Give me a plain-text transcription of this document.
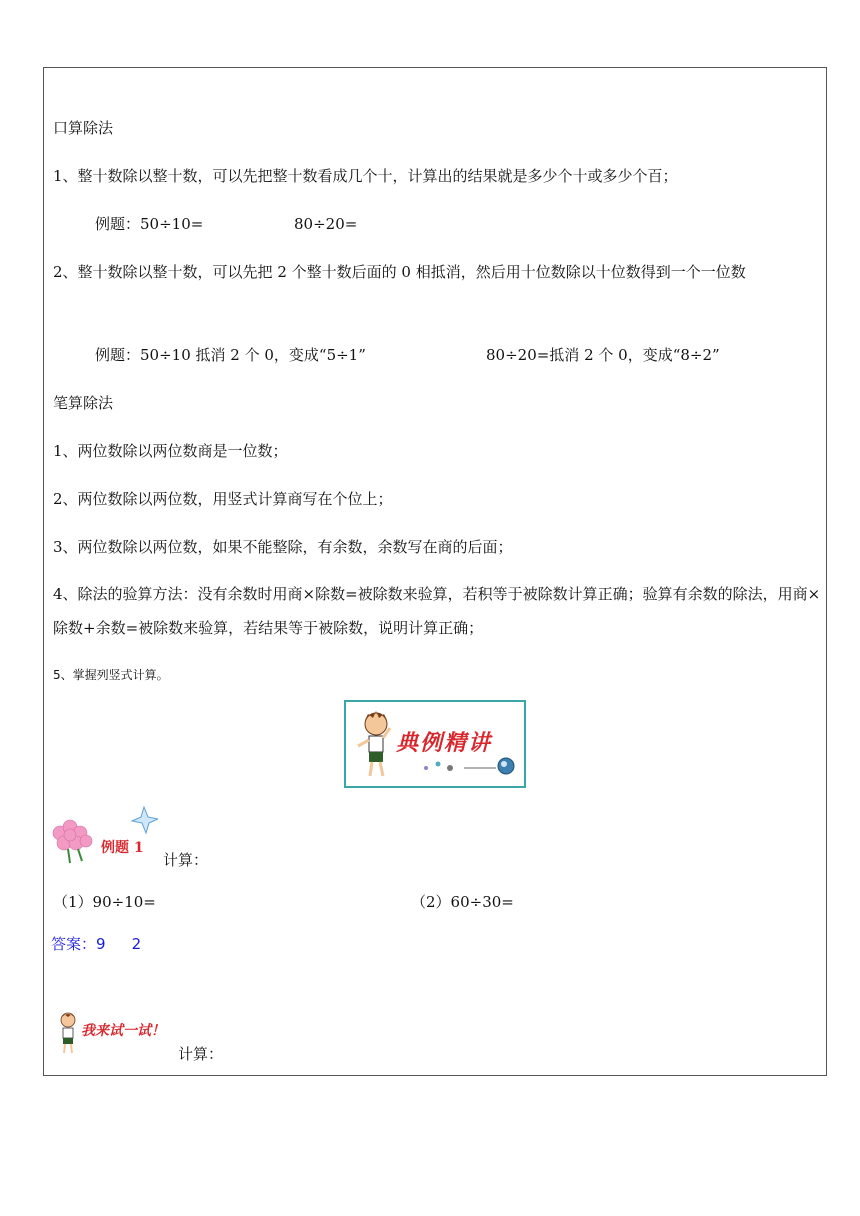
口算除法
1、整十数除以整十数，可以先把整十数看成几个十，计算出的结果就是多少个十或多少个百；
例题：50÷10=	80÷20=
2、整十数除以整十数，可以先把 2 个整十数后面的 0 相抵消，然后用十位数除以十位数得到一个一位数
例题：50÷10 抵消 2 个 0，变成“5÷1”	80÷20=抵消 2 个 0，变成“8÷2”
笔算除法
1、两位数除以两位数商是一位数；
2、两位数除以两位数，用竖式计算商写在个位上；
3、两位数除以两位数，如果不能整除，有余数，余数写在商的后面；
4、除法的验算方法：没有余数时用商×除数=被除数来验算，若积等于被除数计算正确；验算有余数的除法，用商×除数+余数=被除数来验算，若结果等于被除数，说明计算正确；
5、掌握列竖式计算。
典例精讲
例题 1
计算：
（1）90÷10=	（2）60÷30=
答案：9 2
我来试一试！
计算：
